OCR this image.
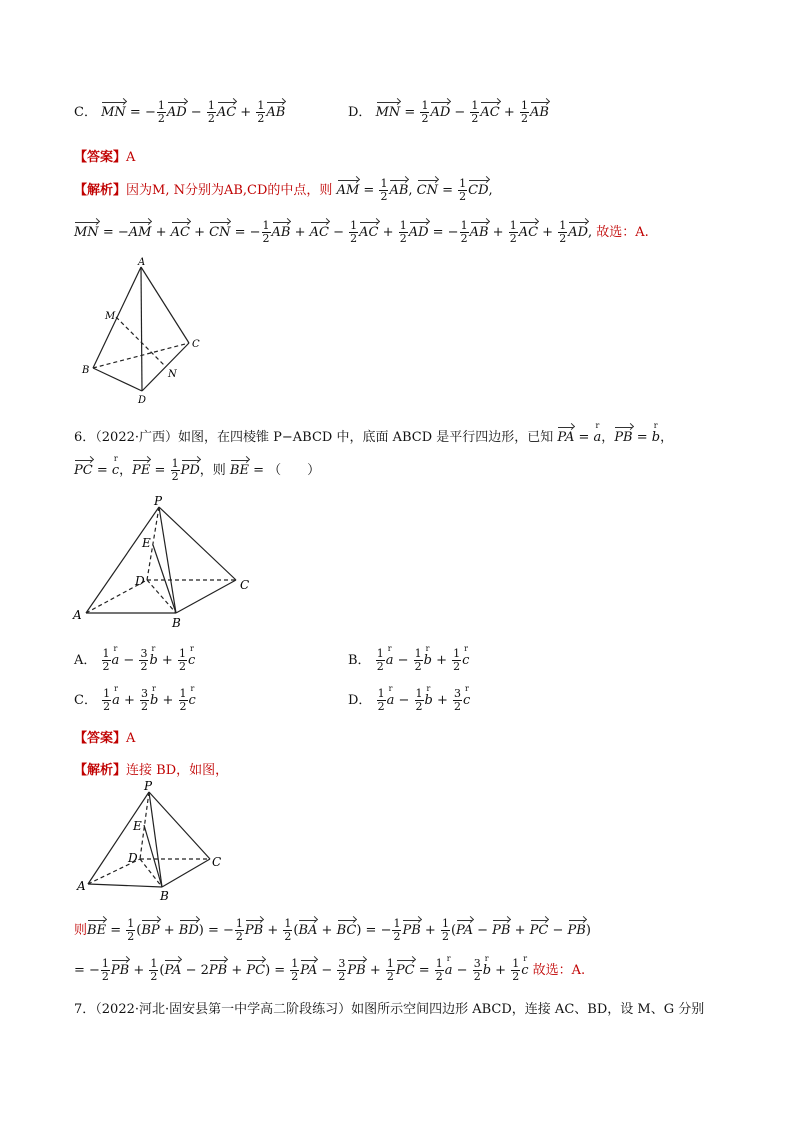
C． MN = − $\frac{1}{2}$ AD − $\frac{1}{2}$ AC + $\frac{1}{2}$ AB	D． MN = $\frac{1}{2}$ AD − $\frac{1}{2}$ AC + $\frac{1}{2}$ AB
【答案】A
【解析】因为M, N分别为AB,CD的中点，则 AM = $\frac{1}{2}$ AB, CN = $\frac{1}{2}$ CD,
MN = −AM + AC + CN = − $\frac{1}{2}$ AB + AC − $\frac{1}{2}$ AC + $\frac{1}{2}$ AD = − $\frac{1}{2}$ AB + $\frac{1}{2}$ AC + $\frac{1}{2}$ AD, 故选：A.
A
B
C
D
M
N
6．（2022·广西）如图，在四棱锥 P−ABCD 中，底面 ABCD 是平行四边形，已知 PA = r a，PB = r b，
PC = r c，PE = $\frac{1}{2}$ PD，则 BE = （　　）
P
E
D	C
A
B
A． $\frac{1}{2}$ r $a - \frac{3}{2}$ r $b + \frac{1}{2}$ r c	B． $\frac{1}{2}$ r $a - \frac{1}{2}$ r $b + \frac{1}{2}$ r c
C． $\frac{1}{2}$ r $a + \frac{3}{2}$ r $b + \frac{1}{2}$ r c	D． $\frac{1}{2}$ r $a - \frac{1}{2}$ r $b + \frac{3}{2}$ r c
【答案】A
【解析】连接 BD，如图，
P
E
D	C
A
B
则BE = $\frac{1}{2} (BP + BD)$ = − $\frac{1}{2}$ PB + $\frac{1}{2} (BA + BC)$ = − $\frac{1}{2}$ PB + $\frac{1}{2} (PA$ − PB + PC − PB)
= − $\frac{1}{2}$ PB + $\frac{1}{2} (PA - 2PB + PC) = \frac{1}{2}$ PA − $\frac{3}{2}$ PB + $\frac{1}{2}$ PC = $\frac{1}{2}$ r $a - \frac{3}{2}$ r $b + \frac{1}{2}$ r c 故选：A.
7．（2022·河北·固安县第一中学高二阶段练习）如图所示空间四边形 ABCD，连接 AC、BD，设 M、G 分别
